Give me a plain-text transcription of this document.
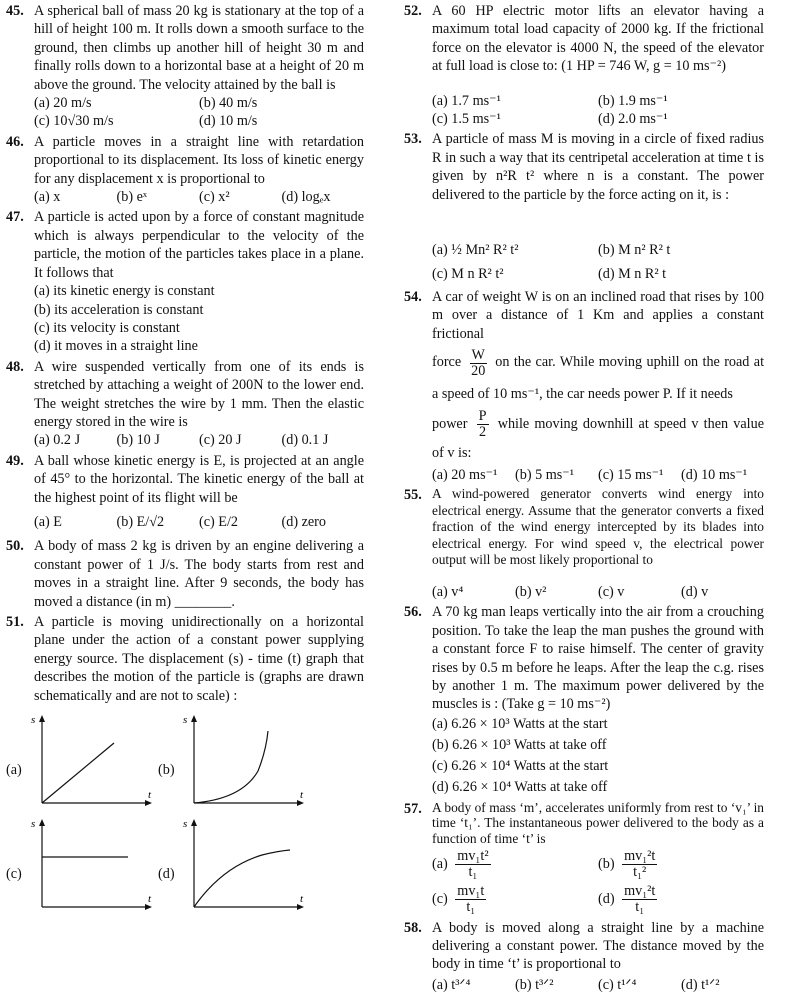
45. A spherical ball of mass 20 kg is stationary at the top of a hill of height 100 m. It rolls down a smooth surface to the ground, then climbs up another hill of height 30 m and finally rolls down to a horizontal base at a height of 20 m above the ground. The velocity attained by the ball is
(a) 20 m/s	(b) 40 m/s
(c) 10√30 m/s	(d) 10 m/s
46. A particle moves in a straight line with retardation proportional to its displacement. Its loss of kinetic energy for any displacement x is proportional to
(a) x	(b) eˣ	(c) x²	(d) logₑx
47. A particle is acted upon by a force of constant magnitude which is always perpendicular to the velocity of the particle, the motion of the particles takes place in a plane. It follows that
(a) its kinetic energy is constant
(b) its acceleration is constant
(c) its velocity is constant
(d) it moves in a straight line
48. A wire suspended vertically from one of its ends is stretched by attaching a weight of 200N to the lower end. The weight stretches the wire by 1 mm. Then the elastic energy stored in the wire is
(a) 0.2 J	(b) 10 J	(c) 20 J	(d) 0.1 J
49. A ball whose kinetic energy is E, is projected at an angle of 45° to the horizontal. The kinetic energy of the ball at the highest point of its flight will be
(a) E	(b) E/√2	(c) E/2	(d) zero
50. A body of mass 2 kg is driven by an engine delivering a constant power of 1 J/s. The body starts from rest and moves in a straight line. After 9 seconds, the body has moved a distance (in m) ________.
51. A particle is moving unidirectionally on a horizontal plane under the action of a constant power supplying energy source. The displacement (s) - time (t) graph that describes the motion of the particle is (graphs are drawn schematically and are not to scale) :
(a)
s
t
(b)
s
t
(c)
s
t
(d)
s
t
52. A 60 HP electric motor lifts an elevator having a maximum total load capacity of 2000 kg. If the frictional force on the elevator is 4000 N, the speed of the elevator at full load is close to: (1 HP = 746 W, g = 10 ms⁻²)
(a) 1.7 ms⁻¹	(b) 1.9 ms⁻¹
(c) 1.5 ms⁻¹	(d) 2.0 ms⁻¹
53. A particle of mass M is moving in a circle of fixed radius R in such a way that its centripetal acceleration at time t is given by n²R t² where n is a constant. The power delivered to the particle by the force acting on it, is :
(a) ½ Mn² R² t²	(b) M n² R² t
(c) M n R² t²	(d) M n R² t
54. A car of weight W is on an inclined road that rises by 100 m over a distance of 1 Km and applies a constant frictional
force $\frac{W}{20}$ on the car. While moving uphill on the road at a speed of 10 ms⁻¹, the car needs power P. If it needs
power $\frac{P}{2}$ while moving downhill at speed v then value of v is:
(a) 20 ms⁻¹	(b) 5 ms⁻¹	(c) 15 ms⁻¹	(d) 10 ms⁻¹
55. A wind-powered generator converts wind energy into electrical energy. Assume that the generator converts a fixed fraction of the wind energy intercepted by its blades into electrical energy. For wind speed v, the electrical power output will be most likely proportional to
(a) v⁴	(b) v²	(c) v	(d) v
56. A 70 kg man leaps vertically into the air from a crouching position. To take the leap the man pushes the ground with a constant force F to raise himself. The center of gravity rises by 0.5 m before he leaps. After the leap the c.g. rises by another 1 m. The maximum power delivered by the muscles is : (Take g = 10 ms⁻²)
(a) 6.26 × 10³ Watts at the start
(b) 6.26 × 10³ Watts at take off
(c) 6.26 × 10⁴ Watts at the start
(d) 6.26 × 10⁴ Watts at take off
57. A body of mass ‘m’, accelerates uniformly from rest to ‘v₁’ in time ‘t₁’. The instantaneous power delivered to the body as a function of time ‘t’ is
$(a) \frac{\text{mv₁t²}}{\text{t₁}}$	$(b) \frac{\text{mv₁²t}}{\text{t₁²}}$
$(c) \frac{\text{mv₁t}}{\text{t₁}}$	$(d) \frac{\text{mv₁²t}}{\text{t₁}}$
58. A body is moved along a straight line by a machine delivering a constant power. The distance moved by the body in time ‘t’ is proportional to
(a) t³ᐟ⁴	(b) t³ᐟ²	(c) t¹ᐟ⁴	(d) t¹ᐟ²
